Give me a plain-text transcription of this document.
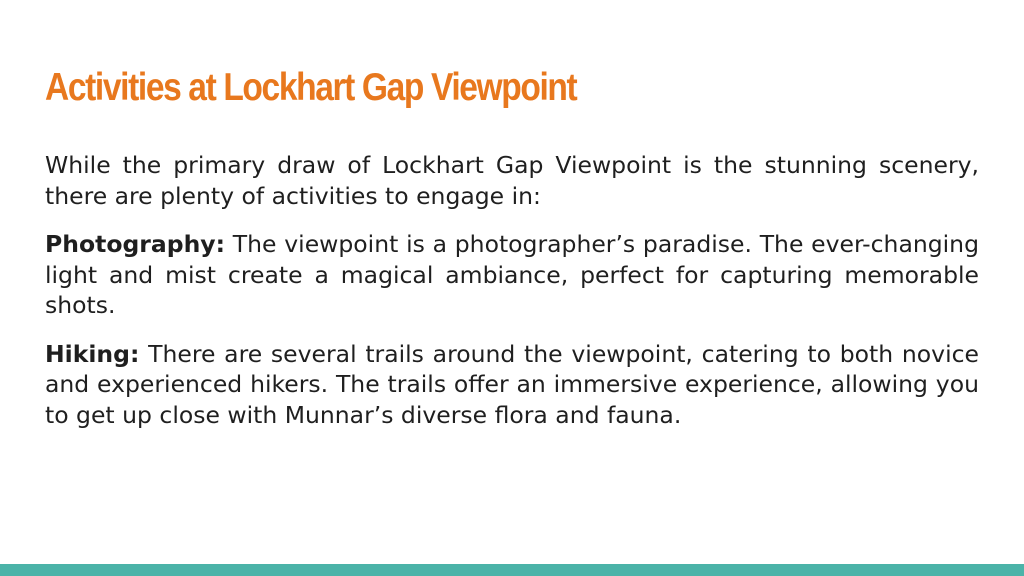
Activities at Lockhart Gap Viewpoint

While the primary draw of Lockhart Gap Viewpoint is the stunning scenery, there are plenty of activities to engage in:

Photography: The viewpoint is a photographer’s paradise. The ever-changing light and mist create a magical ambiance, perfect for capturing memorable shots.

Hiking: There are several trails around the viewpoint, catering to both novice and experienced hikers. The trails offer an immersive experience, allowing you to get up close with Munnar’s diverse flora and fauna.
